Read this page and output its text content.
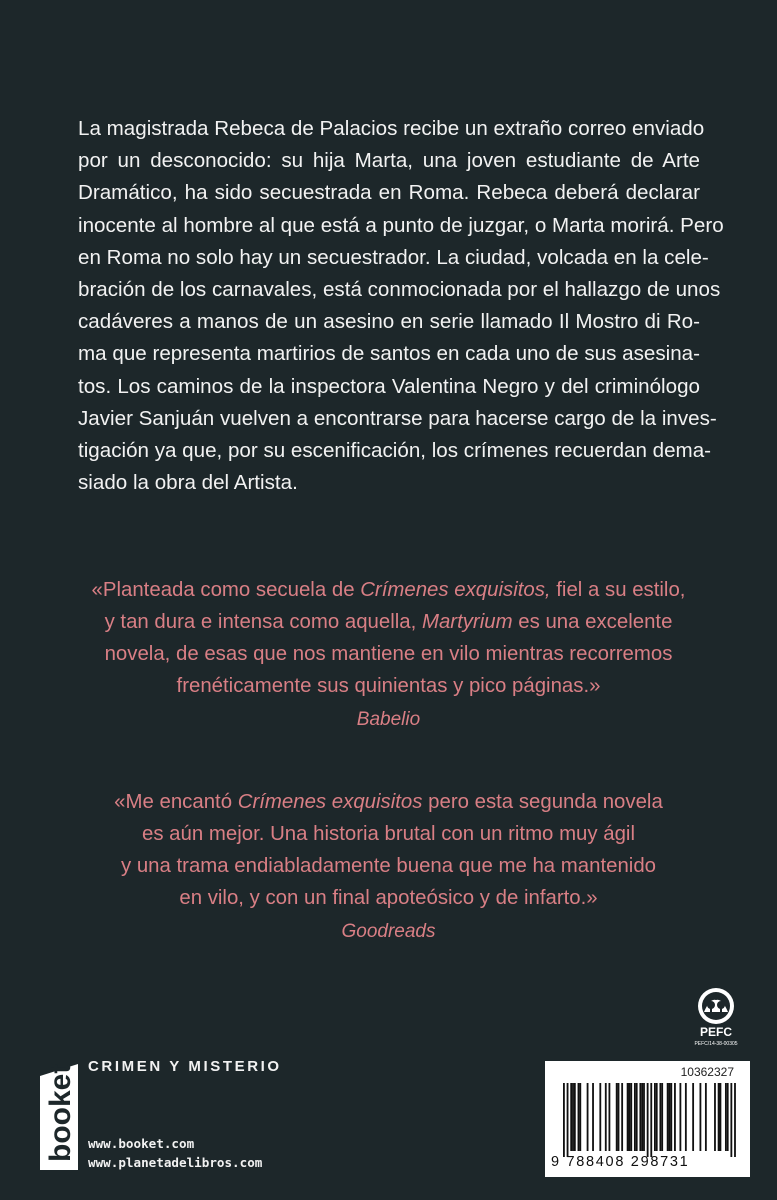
La magistrada Rebeca de Palacios recibe un extraño correo enviado

por un desconocido: su hija Marta, una joven estudiante de Arte

Dramático, ha sido secuestrada en Roma. Rebeca deberá declarar

inocente al hombre al que está a punto de juzgar, o Marta morirá. Pero

en Roma no solo hay un secuestrador. La ciudad, volcada en la cele-

bración de los carnavales, está conmocionada por el hallazgo de unos

cadáveres a manos de un asesino en serie llamado Il Mostro di Ro-

ma que representa martirios de santos en cada uno de sus asesina-

tos. Los caminos de la inspectora Valentina Negro y del criminólogo

Javier Sanjuán vuelven a encontrarse para hacerse cargo de la inves-

tigación ya que, por su escenificación, los crímenes recuerdan dema-

siado la obra del Artista.

«Planteada como secuela de Crímenes exquisitos, fiel a su estilo,

y tan dura e intensa como aquella, Martyrium es una excelente

novela, de esas que nos mantiene en vilo mientras recorremos

frenéticamente sus quinientas y pico páginas.»

Babelio

«Me encantó Crímenes exquisitos pero esta segunda novela

es aún mejor. Una historia brutal con un ritmo muy ágil

y una trama endiabladamente buena que me ha mantenido

en vilo, y con un final apoteósico y de infarto.»

Goodreads

PEFC
PEFC/14-38-00305
booket CRIMEN Y MISTERIO
www.booket.com
www.planetadelibros.com
10362327
9 788408 298731
